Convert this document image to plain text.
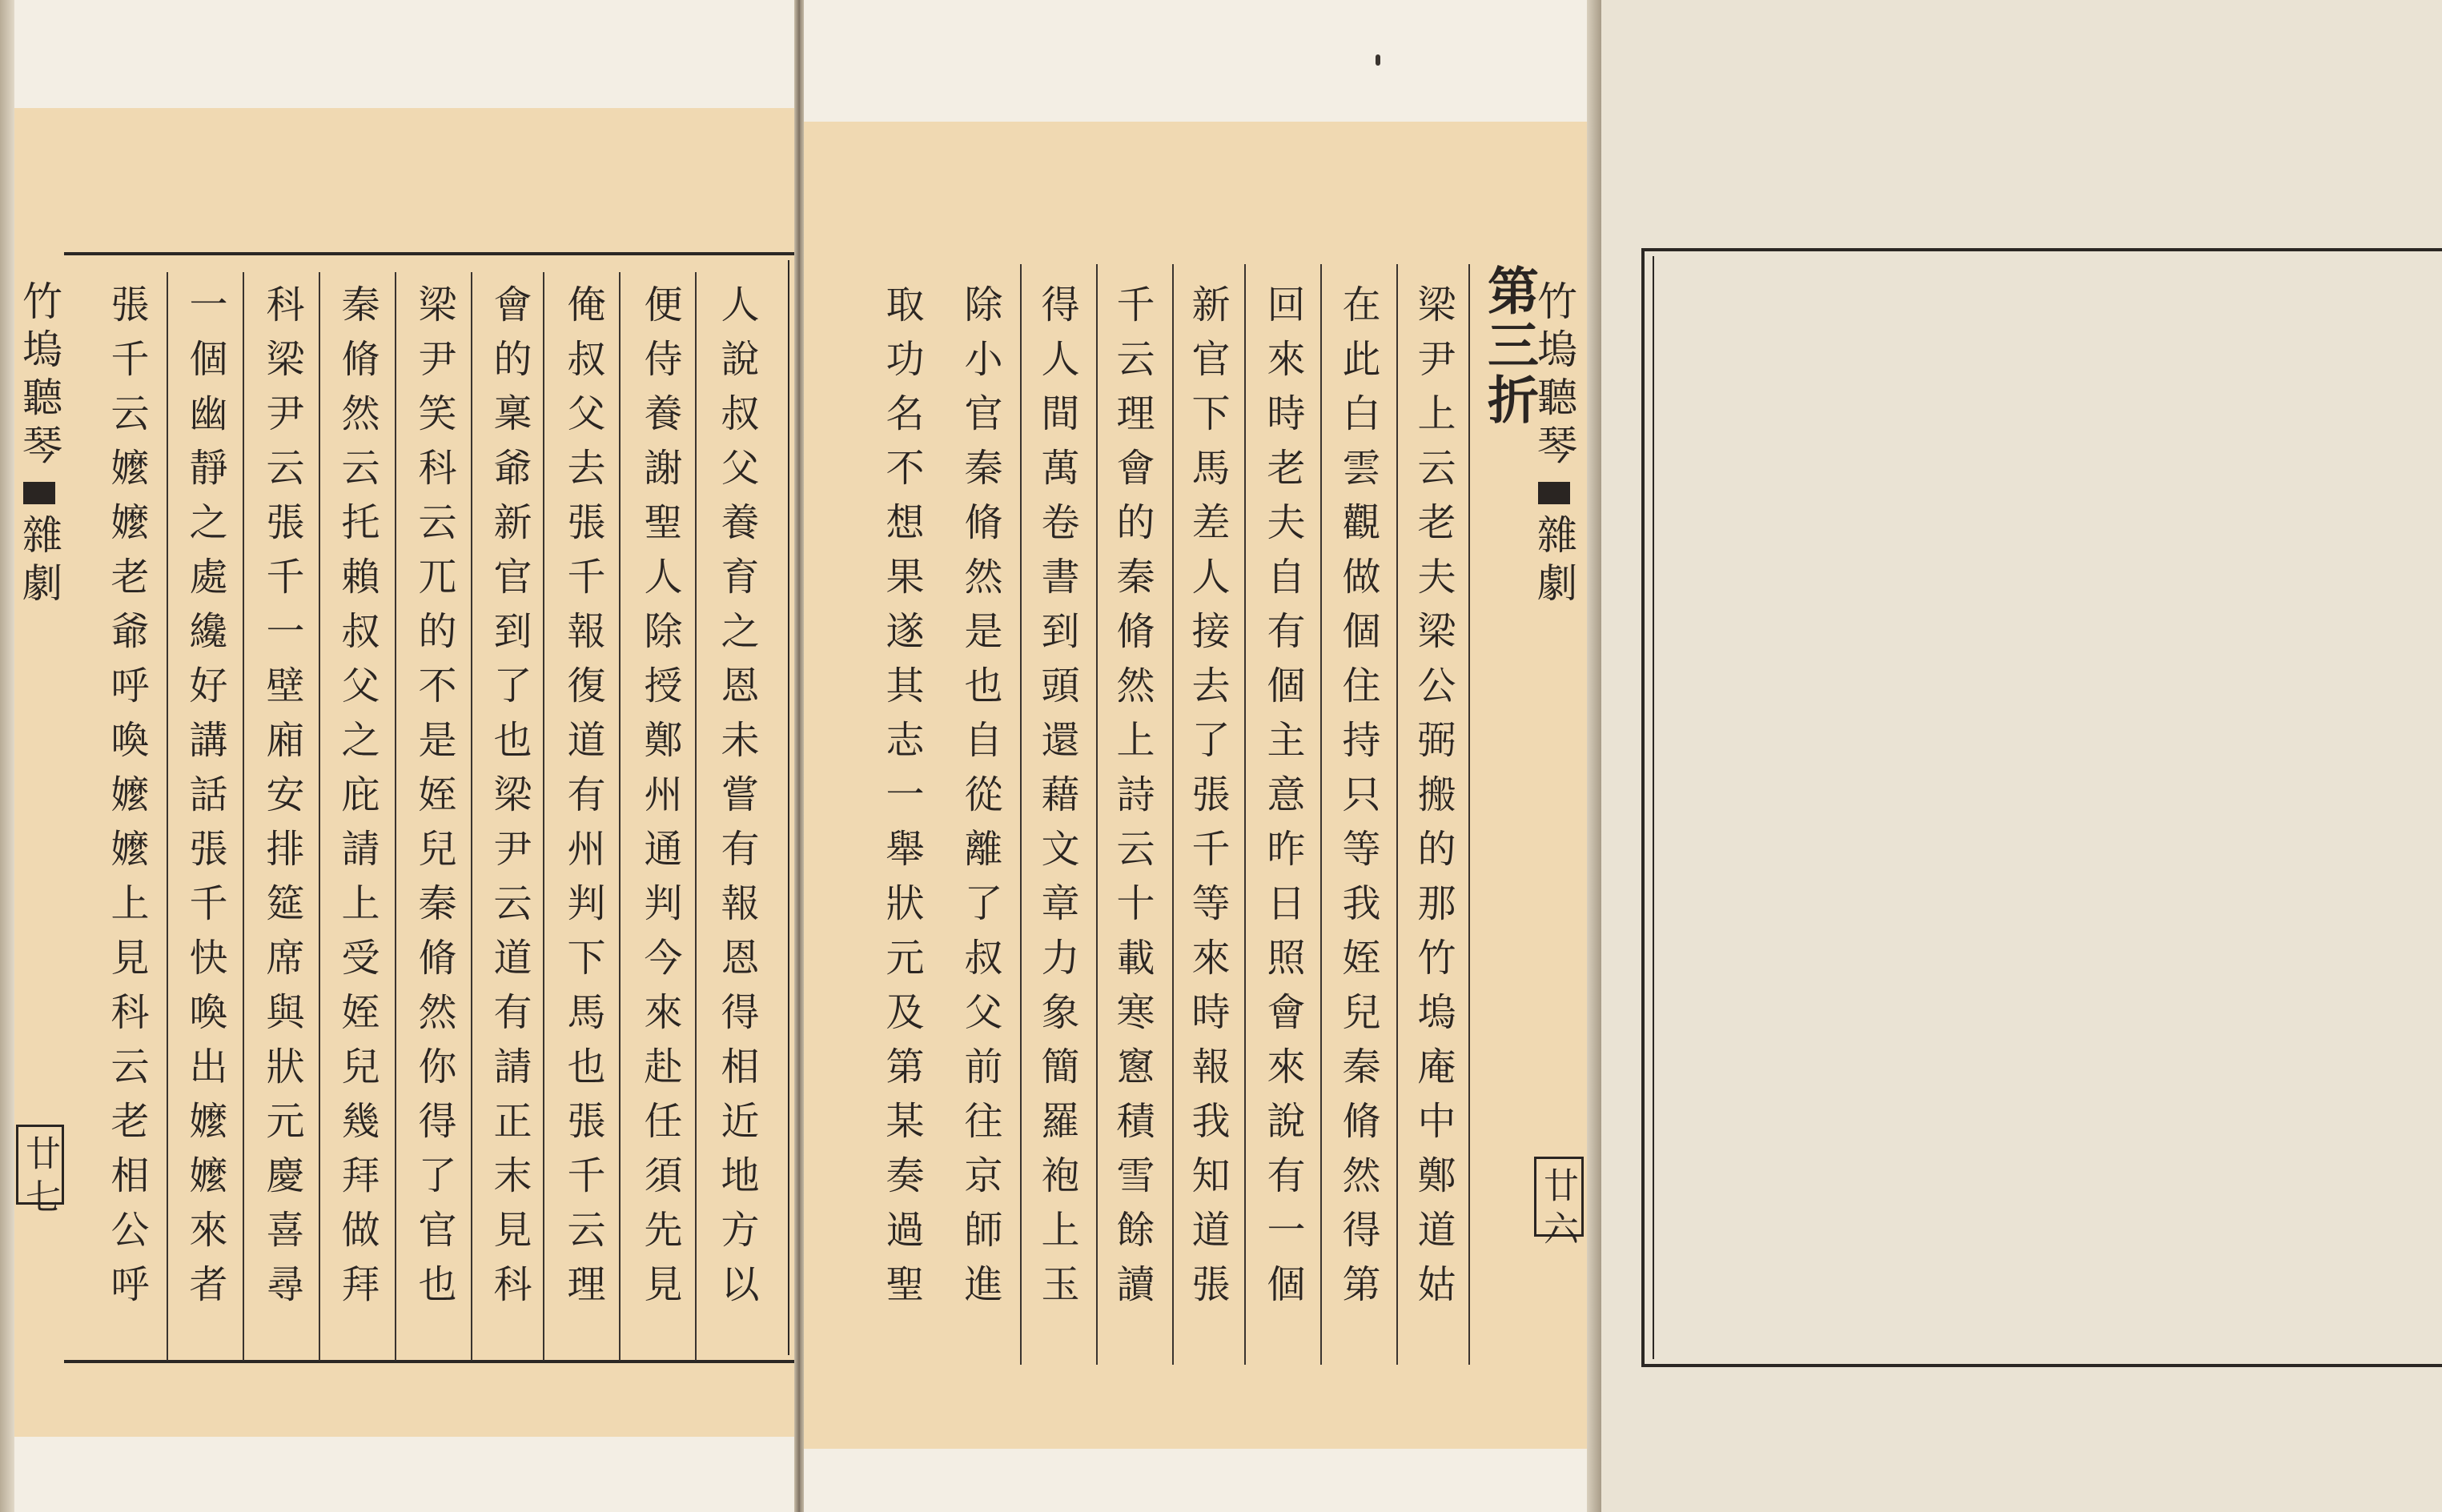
竹塢聽琴雜劇
廿七	人說叔父養育之恩未嘗有報恩得相近地方以
便侍養謝聖人除授鄭州通判今來赴任須先見
俺叔父去張千報復道有州判下馬也張千云理
會的稟爺新官到了也梁尹云道有請正末見科
梁尹笑科云兀的不是姪兒秦脩然你得了官也
秦脩然云托賴叔父之庇請上受姪兒幾拜做拜
科梁尹云張千一壁廂安排筵席與狀元慶喜尋
一個幽靜之處纔好講話張千快喚出嬤嬤來者
張千云嬤嬤老爺呼喚嬤嬤上見科云老相公呼	第三折
梁尹上云老夫梁公弼搬的那竹塢庵中鄭道姑
在此白雲觀做個住持只等我姪兒秦脩然得第
回來時老夫自有個主意昨日照會來說有一個
新官下馬差人接去了張千等來時報我知道張
千云理會的秦脩然上詩云十載寒窻積雪餘讀
得人間萬卷書到頭還藉文章力象簡羅袍上玉
除小官秦脩然是也自從離了叔父前往京師進
取功名不想果遂其志一舉狀元及第某奏過聖	竹塢聽琴雜劇
廿六
